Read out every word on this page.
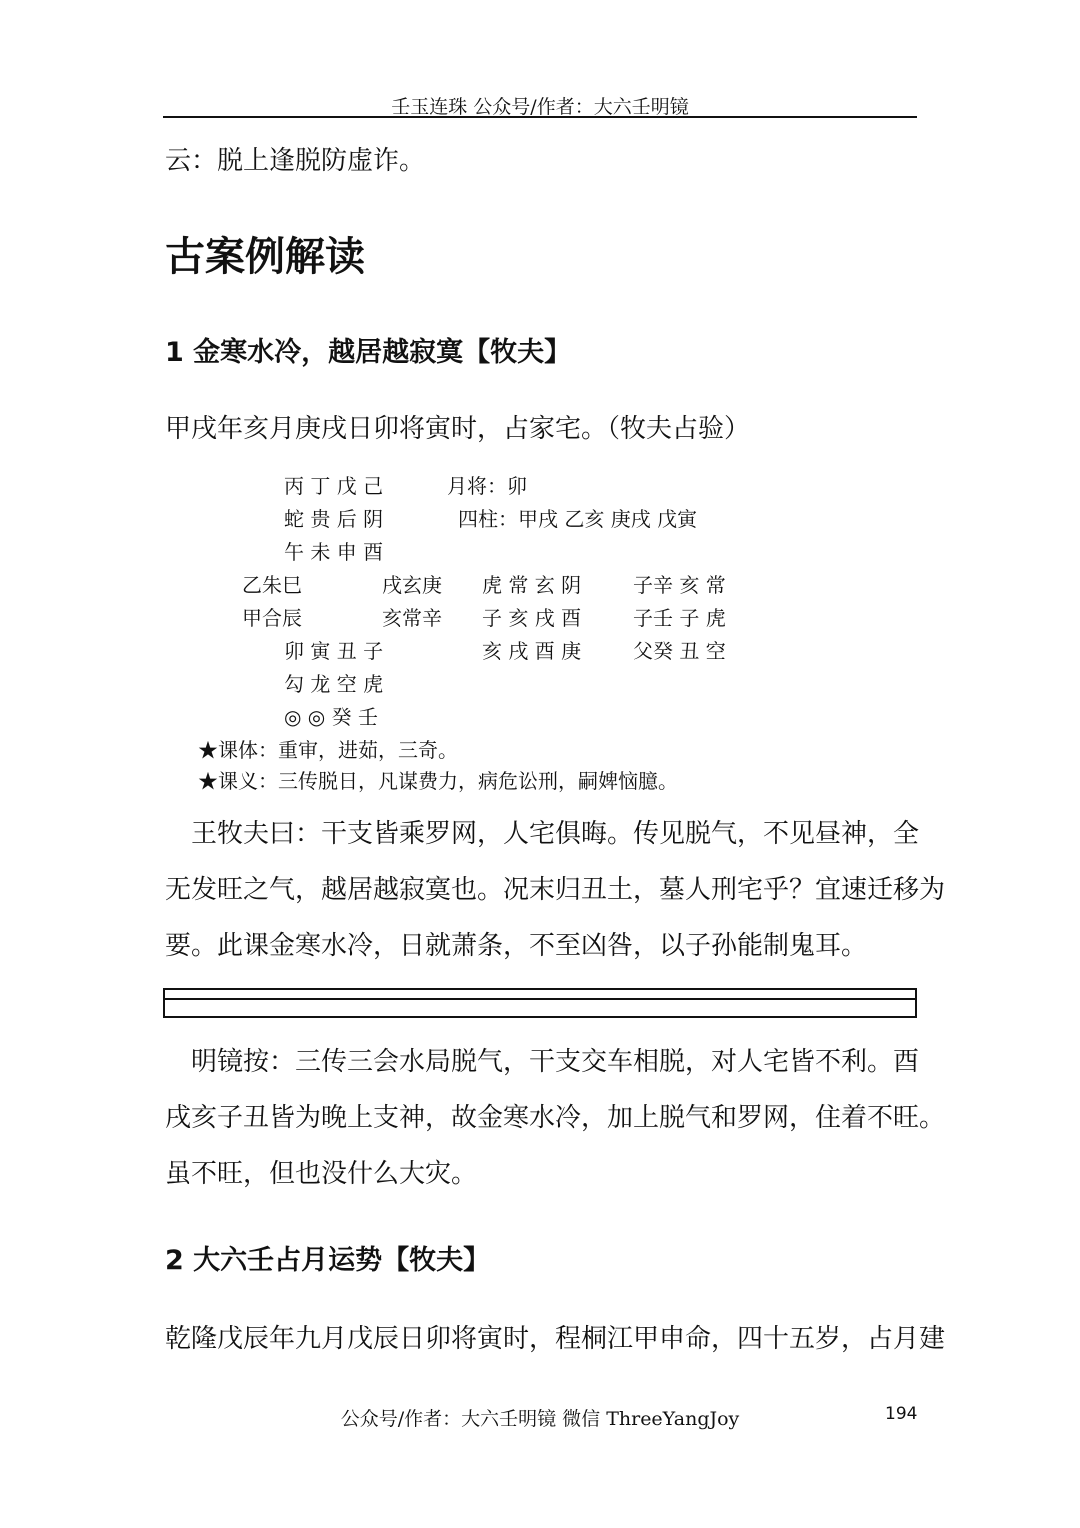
壬玉连珠 公众号/作者：大六壬明镜
云：脱上逢脱防虚诈。
古案例解读
1 金寒水冷，越居越寂寞【牧夫】
甲戌年亥月庚戌日卯将寅时，占家宅。（牧夫占验）
丙 丁 戊 己
蛇 贵 后 阴
午 未 申 酉
乙朱巳
甲合辰
戌玄庚
亥常辛
卯 寅 丑 子
勾 龙 空 虎
◎ ◎ 癸 壬
月将：卯
四柱：甲戌 乙亥 庚戌 戊寅
虎 常 玄 阴
子 亥 戌 酉
亥 戌 酉 庚
子辛 亥 常
子壬 子 虎
父癸 丑 空
★课体：重审，进茹，三奇。
★课义：三传脱日，凡谋费力，病危讼刑，嗣婢恼臆。
　王牧夫曰：干支皆乘罗网，人宅俱晦。传见脱气，不见昼神，全
无发旺之气，越居越寂寞也。况末归丑土，墓人刑宅乎？宜速迁移为
要。此课金寒水冷，日就萧条，不至凶咎，以子孙能制鬼耳。
　明镜按：三传三会水局脱气，干支交车相脱，对人宅皆不利。酉
戌亥子丑皆为晚上支神，故金寒水冷，加上脱气和罗网，住着不旺。
虽不旺，但也没什么大灾。
2 大六壬占月运势【牧夫】
乾隆戊辰年九月戊辰日卯将寅时，程桐江甲申命，四十五岁，占月建
公众号/作者：大六壬明镜 微信 ThreeYangJoy	194
